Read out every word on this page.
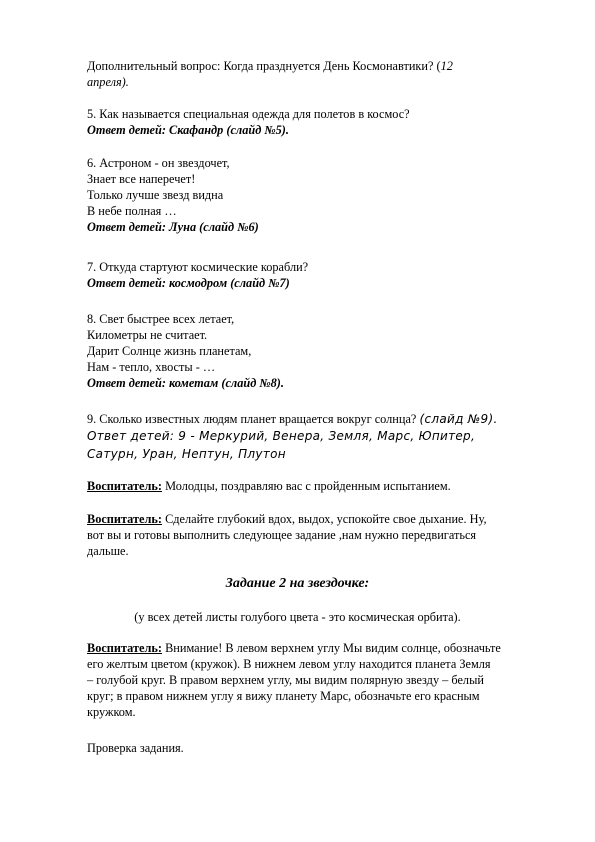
Дополнительный вопрос: Когда празднуется День Космонавтики? (12
апреля).
5. Как называется специальная одежда для полетов в космос?
Ответ детей: Скафандр (слайд №5).
6. Астроном - он звездочет,
Знает все наперечет!
Только лучше звезд видна
В небе полная …
Ответ детей: Луна (слайд №6)
7. Откуда стартуют космические корабли?
Ответ детей: космодром (слайд №7)
8. Свет быстрее всех летает,
Километры не считает.
Дарит Солнце жизнь планетам,
Нам - тепло, хвосты - …
Ответ детей: кометам (слайд №8).
9. Сколько известных людям планет вращается вокруг солнца? (слайд №9).
Ответ детей: 9 - Меркурий, Венера, Земля, Марс, Юпитер,
Сатурн, Уран, Нептун, Плутон
Воспитатель: Молодцы, поздравляю вас с пройденным испытанием.
Воспитатель: Сделайте глубокий вдох, выдох, успокойте свое дыхание. Ну,
вот вы и готовы выполнить следующее задание ,нам нужно передвигаться
дальше.
Задание 2 на звездочке:
(у всех детей листы голубого цвета - это космическая орбита).
Воспитатель: Внимание! В левом верхнем углу Мы видим солнце, обозначьте
его желтым цветом (кружок). В нижнем левом углу находится планета Земля
– голубой круг. В правом верхнем углу, мы видим полярную звезду – белый
круг; в правом нижнем углу я вижу планету Марс, обозначьте его красным
кружком.
Проверка задания.
